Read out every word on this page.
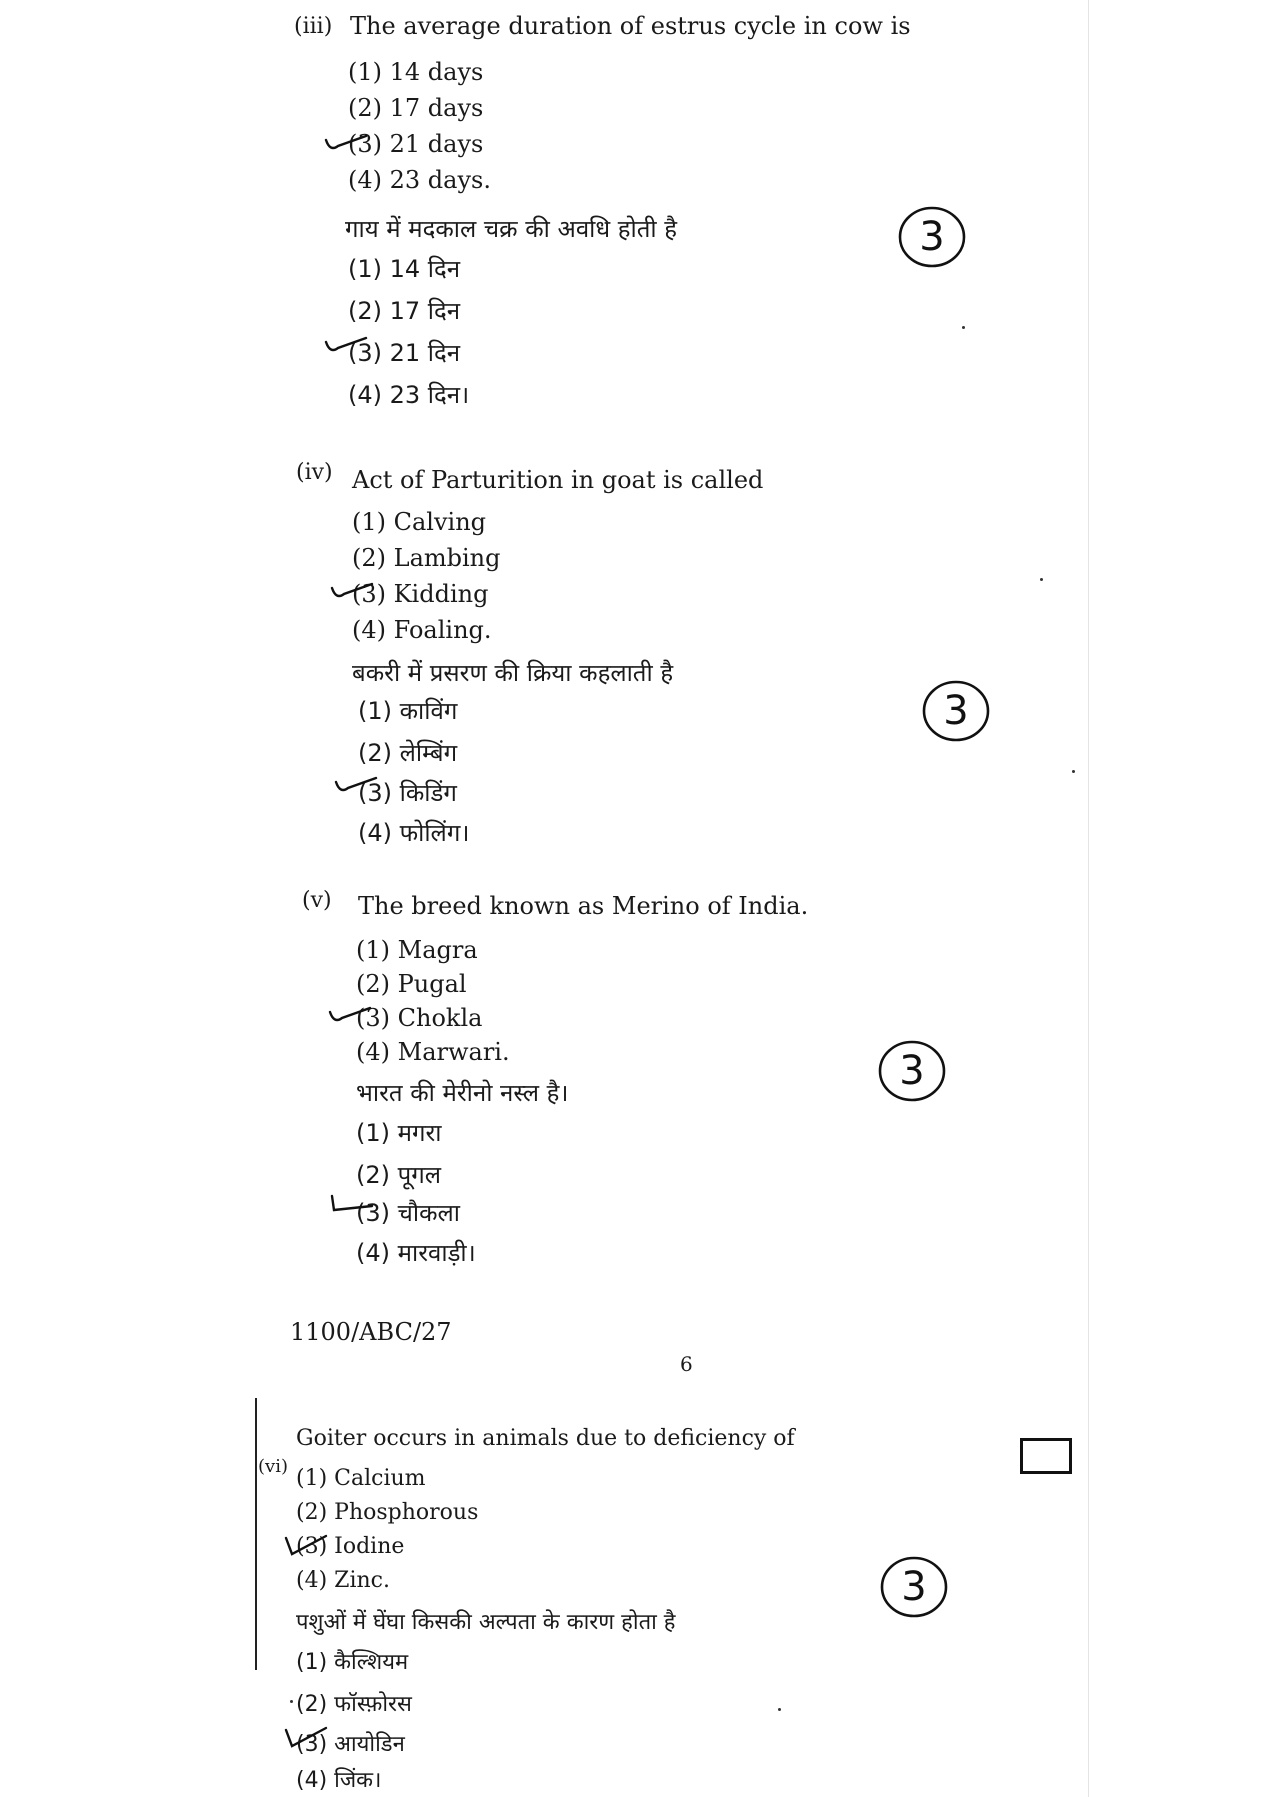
(iii) The average duration of estrus cycle in cow is
(1) 14 days
(2) 17 days
(3) 21 days
(4) 23 days.
गाय में मदकाल चक्र की अवधि होती है
(1) 14 दिन
(2) 17 दिन
(3) 21 दिन
(4) 23 दिन।
3
(iv) Act of Parturition in goat is called
(1) Calving
(2) Lambing
(3) Kidding
(4) Foaling.
बकरी में प्रसरण की क्रिया कहलाती है
(1) काविंग
(2) लेम्बिंग
(3) किडिंग
(4) फोलिंग।
3
(v) The breed known as Merino of India.
(1) Magra
(2) Pugal
(3) Chokla
(4) Marwari.
भारत की मेरीनो नस्ल है।
(1) मगरा
(2) पूगल
(3) चौकला
(4) मारवाड़ी।
3
1100/ABC/27
6
(vi)
Goiter occurs in animals due to deficiency of
(1) Calcium
(2) Phosphorous
(3) Iodine
(4) Zinc.
पशुओं में घेंघा किसकी अल्पता के कारण होता है
(1) कैल्शियम
(2) फॉस्फ़ोरस
(3) आयोडिन
(4) जिंक।
3
